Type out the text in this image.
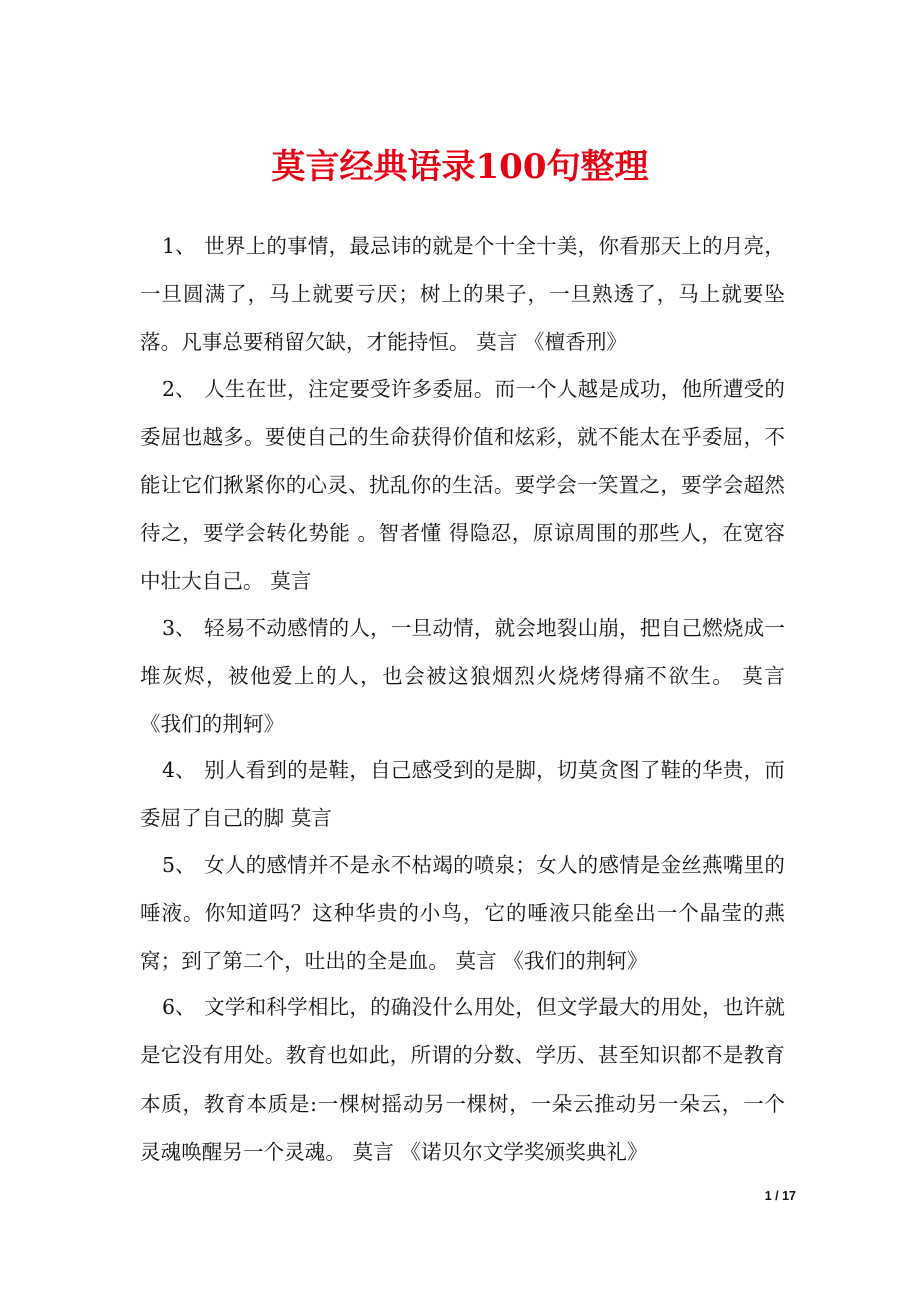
莫言经典语录100句整理

1、 世界上的事情，最忌讳的就是个十全十美，你看那天上的月亮，一旦圆满了，马上就要亏厌；树上的果子，一旦熟透了，马上就要坠落。凡事总要稍留欠缺，才能持恒。 莫言 《檀香刑》

2、 人生在世，注定要受许多委屈。而一个人越是成功，他所遭受的委屈也越多。要使自己的生命获得价值和炫彩，就不能太在乎委屈，不能让它们揪紧你的心灵、扰乱你的生活。要学会一笑置之，要学会超然待之，要学会转化势能 。智者懂 得隐忍，原谅周围的那些人，在宽容中壮大自己。 莫言

3、 轻易不动感情的人，一旦动情，就会地裂山崩，把自己燃烧成一堆灰烬，被他爱上的人，也会被这狼烟烈火烧烤得痛不欲生。 莫言 《我们的荆轲》

4、 别人看到的是鞋，自己感受到的是脚，切莫贪图了鞋的华贵，而委屈了自己的脚 莫言

5、 女人的感情并不是永不枯竭的喷泉；女人的感情是金丝燕嘴里的唾液。你知道吗？这种华贵的小鸟，它的唾液只能垒出一个晶莹的燕窝；到了第二个，吐出的全是血。 莫言 《我们的荆轲》

6、 文学和科学相比，的确没什么用处，但文学最大的用处，也许就是它没有用处。教育也如此，所谓的分数、学历、甚至知识都不是教育本质，教育本质是:一棵树摇动另一棵树，一朵云推动另一朵云，一个灵魂唤醒另一个灵魂。 莫言 《诺贝尔文学奖颁奖典礼》

1 / 17
